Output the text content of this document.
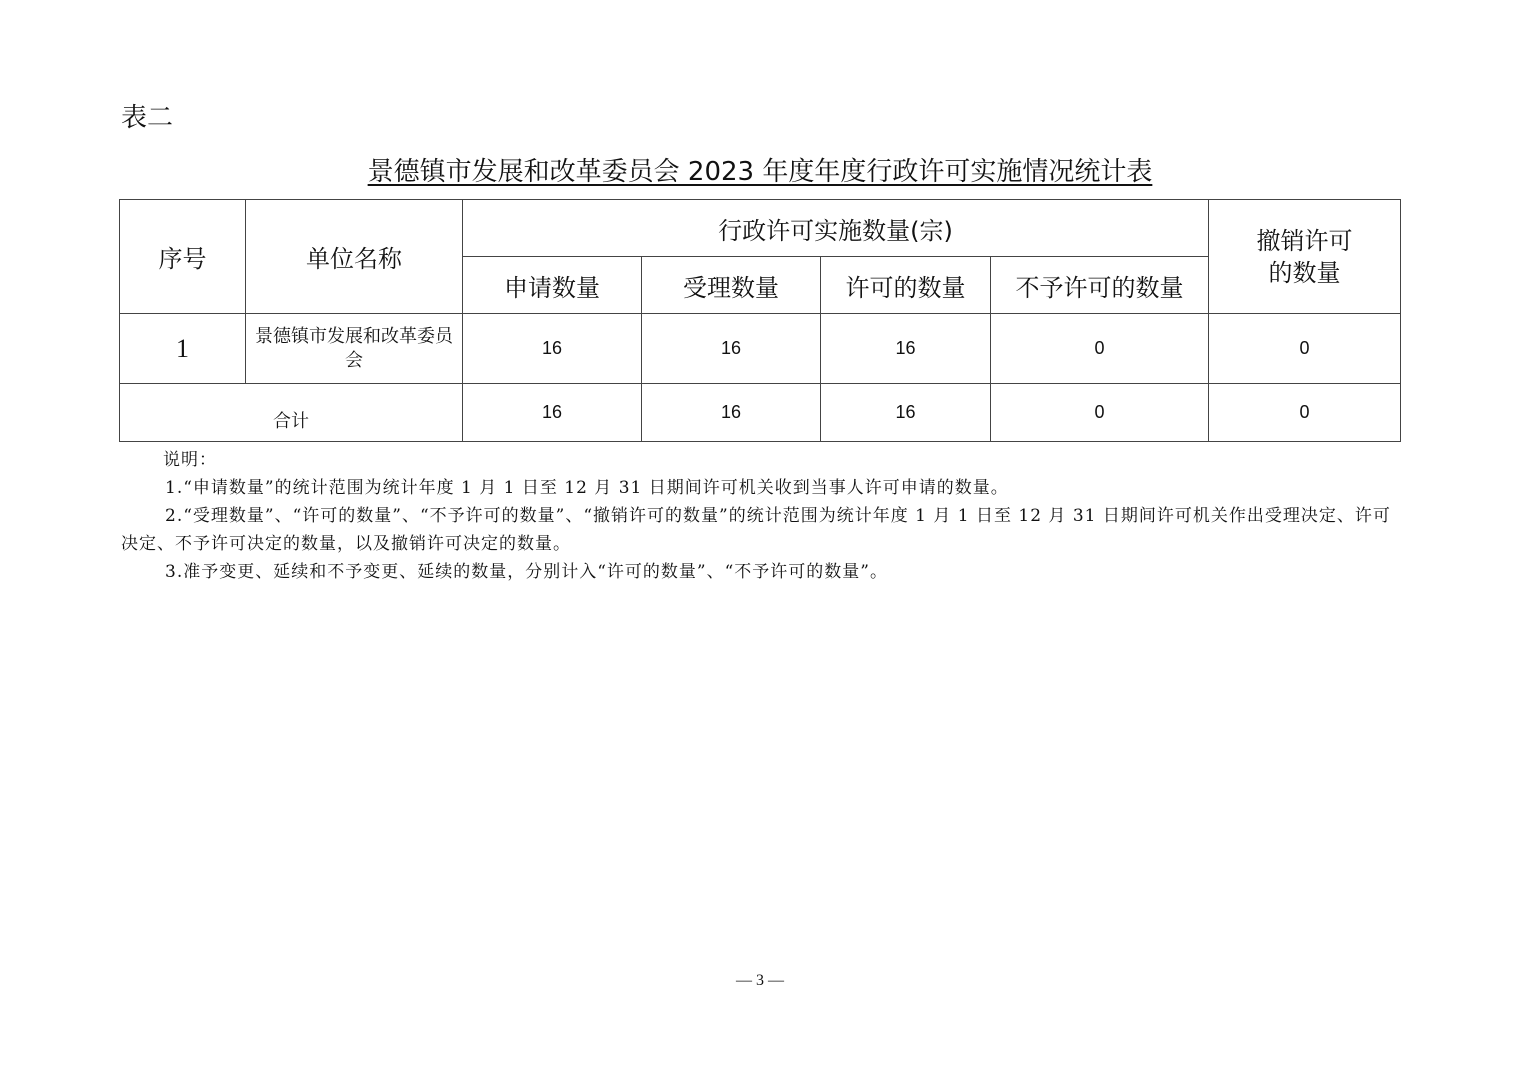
表二
景德镇市发展和改革委员会 2023 年度年度行政许可实施情况统计表
序号	单位名称	行政许可实施数量(宗)				撤销许可的数量
		申请数量	受理数量	许可的数量	不予许可的数量	
1	景德镇市发展和改革委员会	16	16	16	0	0
合计		16	16	16	0	0

说明：

1.“申请数量”的统计范围为统计年度 1 月 1 日至 12 月 31 日期间许可机关收到当事人许可申请的数量。

2.“受理数量”、“许可的数量”、“不予许可的数量”、“撤销许可的数量”的统计范围为统计年度 1 月 1 日至 12 月 31 日期间许可机关作出受理决定、许可决定、不予许可决定的数量，以及撤销许可决定的数量。

3.准予变更、延续和不予变更、延续的数量，分别计入“许可的数量”、“不予许可的数量”。

— 3 —
